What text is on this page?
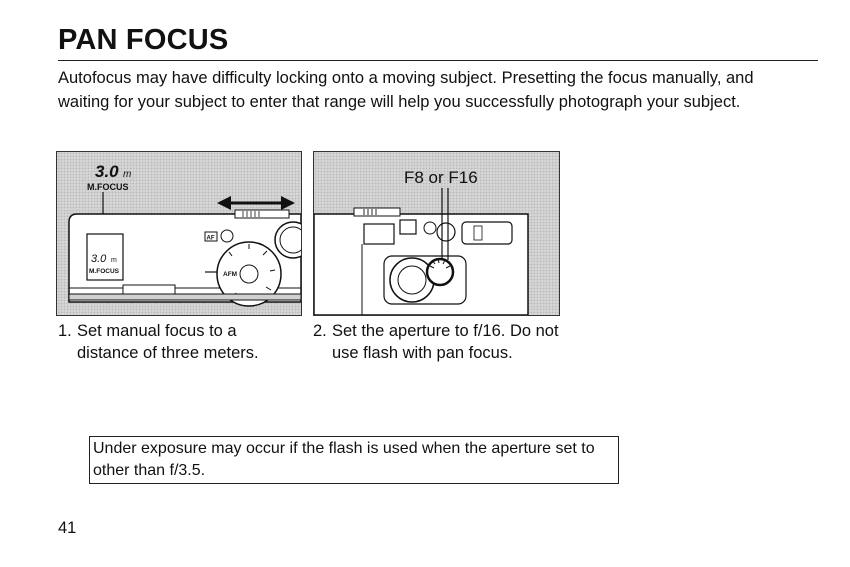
PAN FOCUS
Autofocus may have difficulty locking onto a moving subject. Presetting the focus manually, and waiting for your subject to enter that range will help you successfully photograph your subject.
3.0 m
M.FOCUS
3.0 m
M.FOCUS
AF
AFM
F8 or F16
1. Set manual focus to a distance of three meters.
2. Set the aperture to f/16. Do not use flash with pan focus.
Under exposure may occur if the flash is used when the aperture set to other than f/3.5.
41
